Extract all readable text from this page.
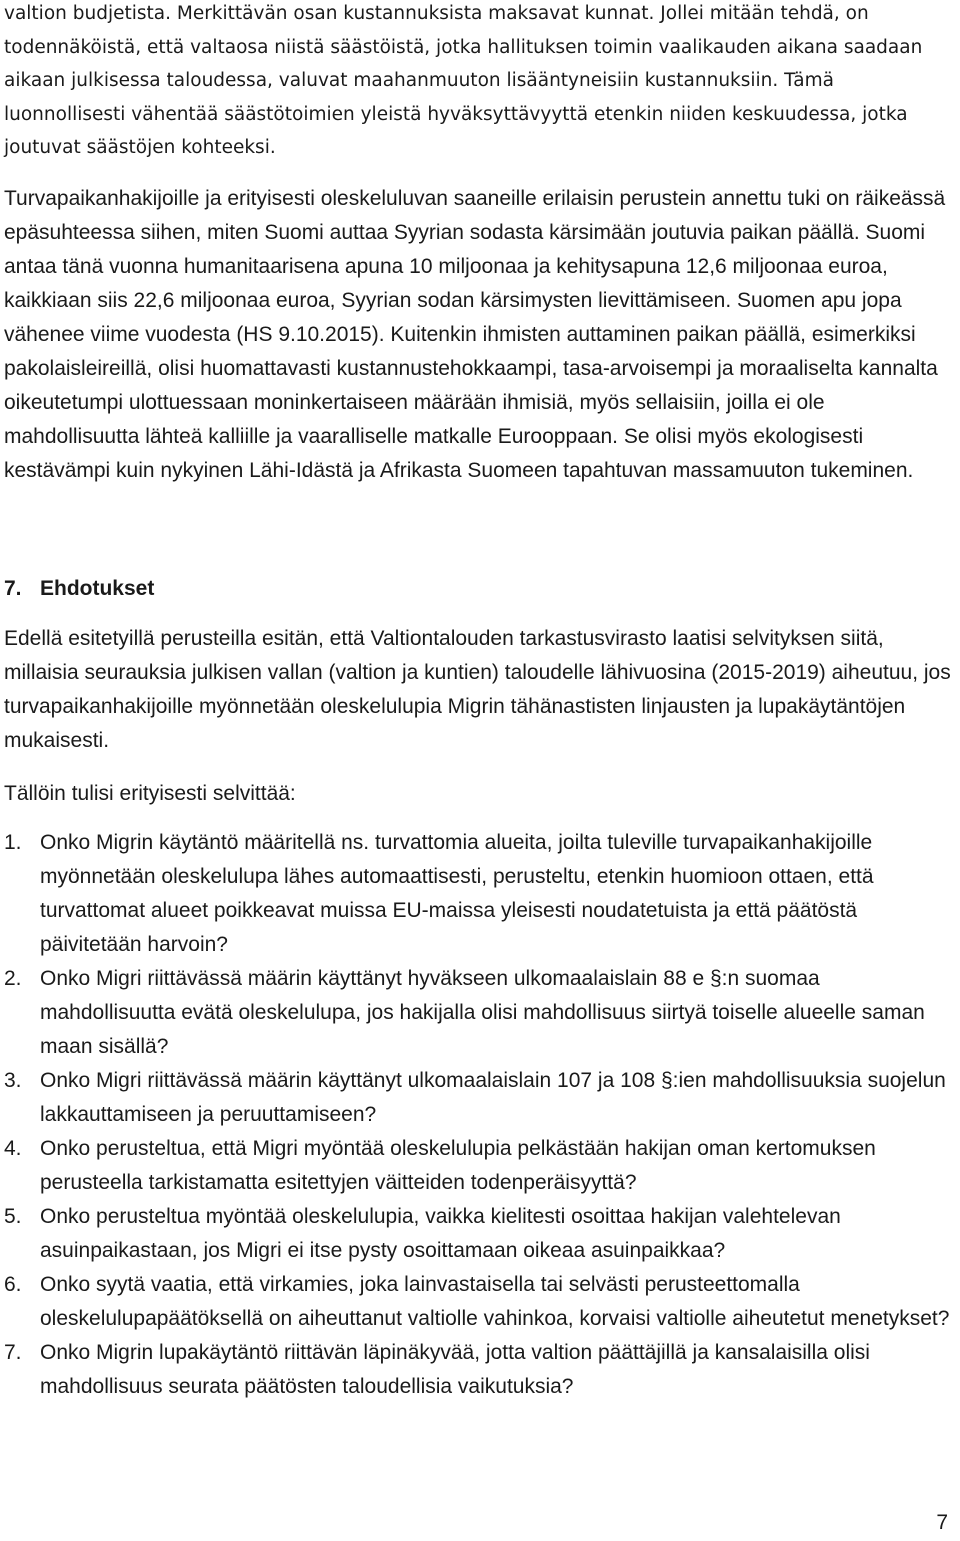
valtion budjetista. Merkittävän osan kustannuksista maksavat kunnat. Jollei mitään tehdä, on todennäköistä, että valtaosa niistä säästöistä, jotka hallituksen toimin vaalikauden aikana saadaan aikaan julkisessa taloudessa, valuvat maahanmuuton lisääntyneisiin kustannuksiin. Tämä luonnollisesti vähentää säästötoimien yleistä hyväksyttävyyttä etenkin niiden keskuudessa, jotka joutuvat säästöjen kohteeksi.

Turvapaikanhakijoille ja erityisesti oleskeluluvan saaneille erilaisin perustein annettu tuki on räikeässä epäsuhteessa siihen, miten Suomi auttaa Syyrian sodasta kärsimään joutuvia paikan päällä. Suomi antaa tänä vuonna humanitaarisena apuna 10 miljoonaa ja kehitysapuna 12,6 miljoonaa euroa, kaikkiaan siis 22,6 miljoonaa euroa, Syyrian sodan kärsimysten lievittämiseen. Suomen apu jopa vähenee viime vuodesta (HS 9.10.2015). Kuitenkin ihmisten auttaminen paikan päällä, esimerkiksi pakolaisleireillä, olisi huomattavasti kustannustehokkaampi, tasa-arvoisempi ja moraaliselta kannalta oikeutetumpi ulottuessaan moninkertaiseen määrään ihmisiä, myös sellaisiin, joilla ei ole mahdollisuutta lähteä kalliille ja vaaralliselle matkalle Eurooppaan. Se olisi myös ekologisesti kestävämpi kuin nykyinen Lähi-Idästä ja Afrikasta Suomeen tapahtuvan massamuuton tukeminen.

7. Ehdotukset

Edellä esitetyillä perusteilla esitän, että Valtiontalouden tarkastusvirasto laatisi selvityksen siitä, millaisia seurauksia julkisen vallan (valtion ja kuntien) taloudelle lähivuosina (2015-2019) aiheutuu, jos turvapaikanhakijoille myönnetään oleskelulupia Migrin tähänastisten linjausten ja lupakäytäntöjen mukaisesti.

Tällöin tulisi erityisesti selvittää:

1. Onko Migrin käytäntö määritellä ns. turvattomia alueita, joilta tuleville turvapaikanhakijoille myönnetään oleskelulupa lähes automaattisesti, perusteltu, etenkin huomioon ottaen, että turvattomat alueet poikkeavat muissa EU-maissa yleisesti noudatetuista ja että päätöstä päivitetään harvoin?
2. Onko Migri riittävässä määrin käyttänyt hyväkseen ulkomaalaislain 88 e §:n suomaa mahdollisuutta evätä oleskelulupa, jos hakijalla olisi mahdollisuus siirtyä toiselle alueelle saman maan sisällä?
3. Onko Migri riittävässä määrin käyttänyt ulkomaalaislain 107 ja 108 §:ien mahdollisuuksia suojelun lakkauttamiseen ja peruuttamiseen?
4. Onko perusteltua, että Migri myöntää oleskelulupia pelkästään hakijan oman kertomuksen perusteella tarkistamatta esitettyjen väitteiden todenperäisyyttä?
5. Onko perusteltua myöntää oleskelulupia, vaikka kielitesti osoittaa hakijan valehtelevan asuinpaikastaan, jos Migri ei itse pysty osoittamaan oikeaa asuinpaikkaa?
6. Onko syytä vaatia, että virkamies, joka lainvastaisella tai selvästi perusteettomalla oleskelulupapäätöksellä on aiheuttanut valtiolle vahinkoa, korvaisi valtiolle aiheutetut menetykset?
7. Onko Migrin lupakäytäntö riittävän läpinäkyvää, jotta valtion päättäjillä ja kansalaisilla olisi mahdollisuus seurata päätösten taloudellisia vaikutuksia?
7
